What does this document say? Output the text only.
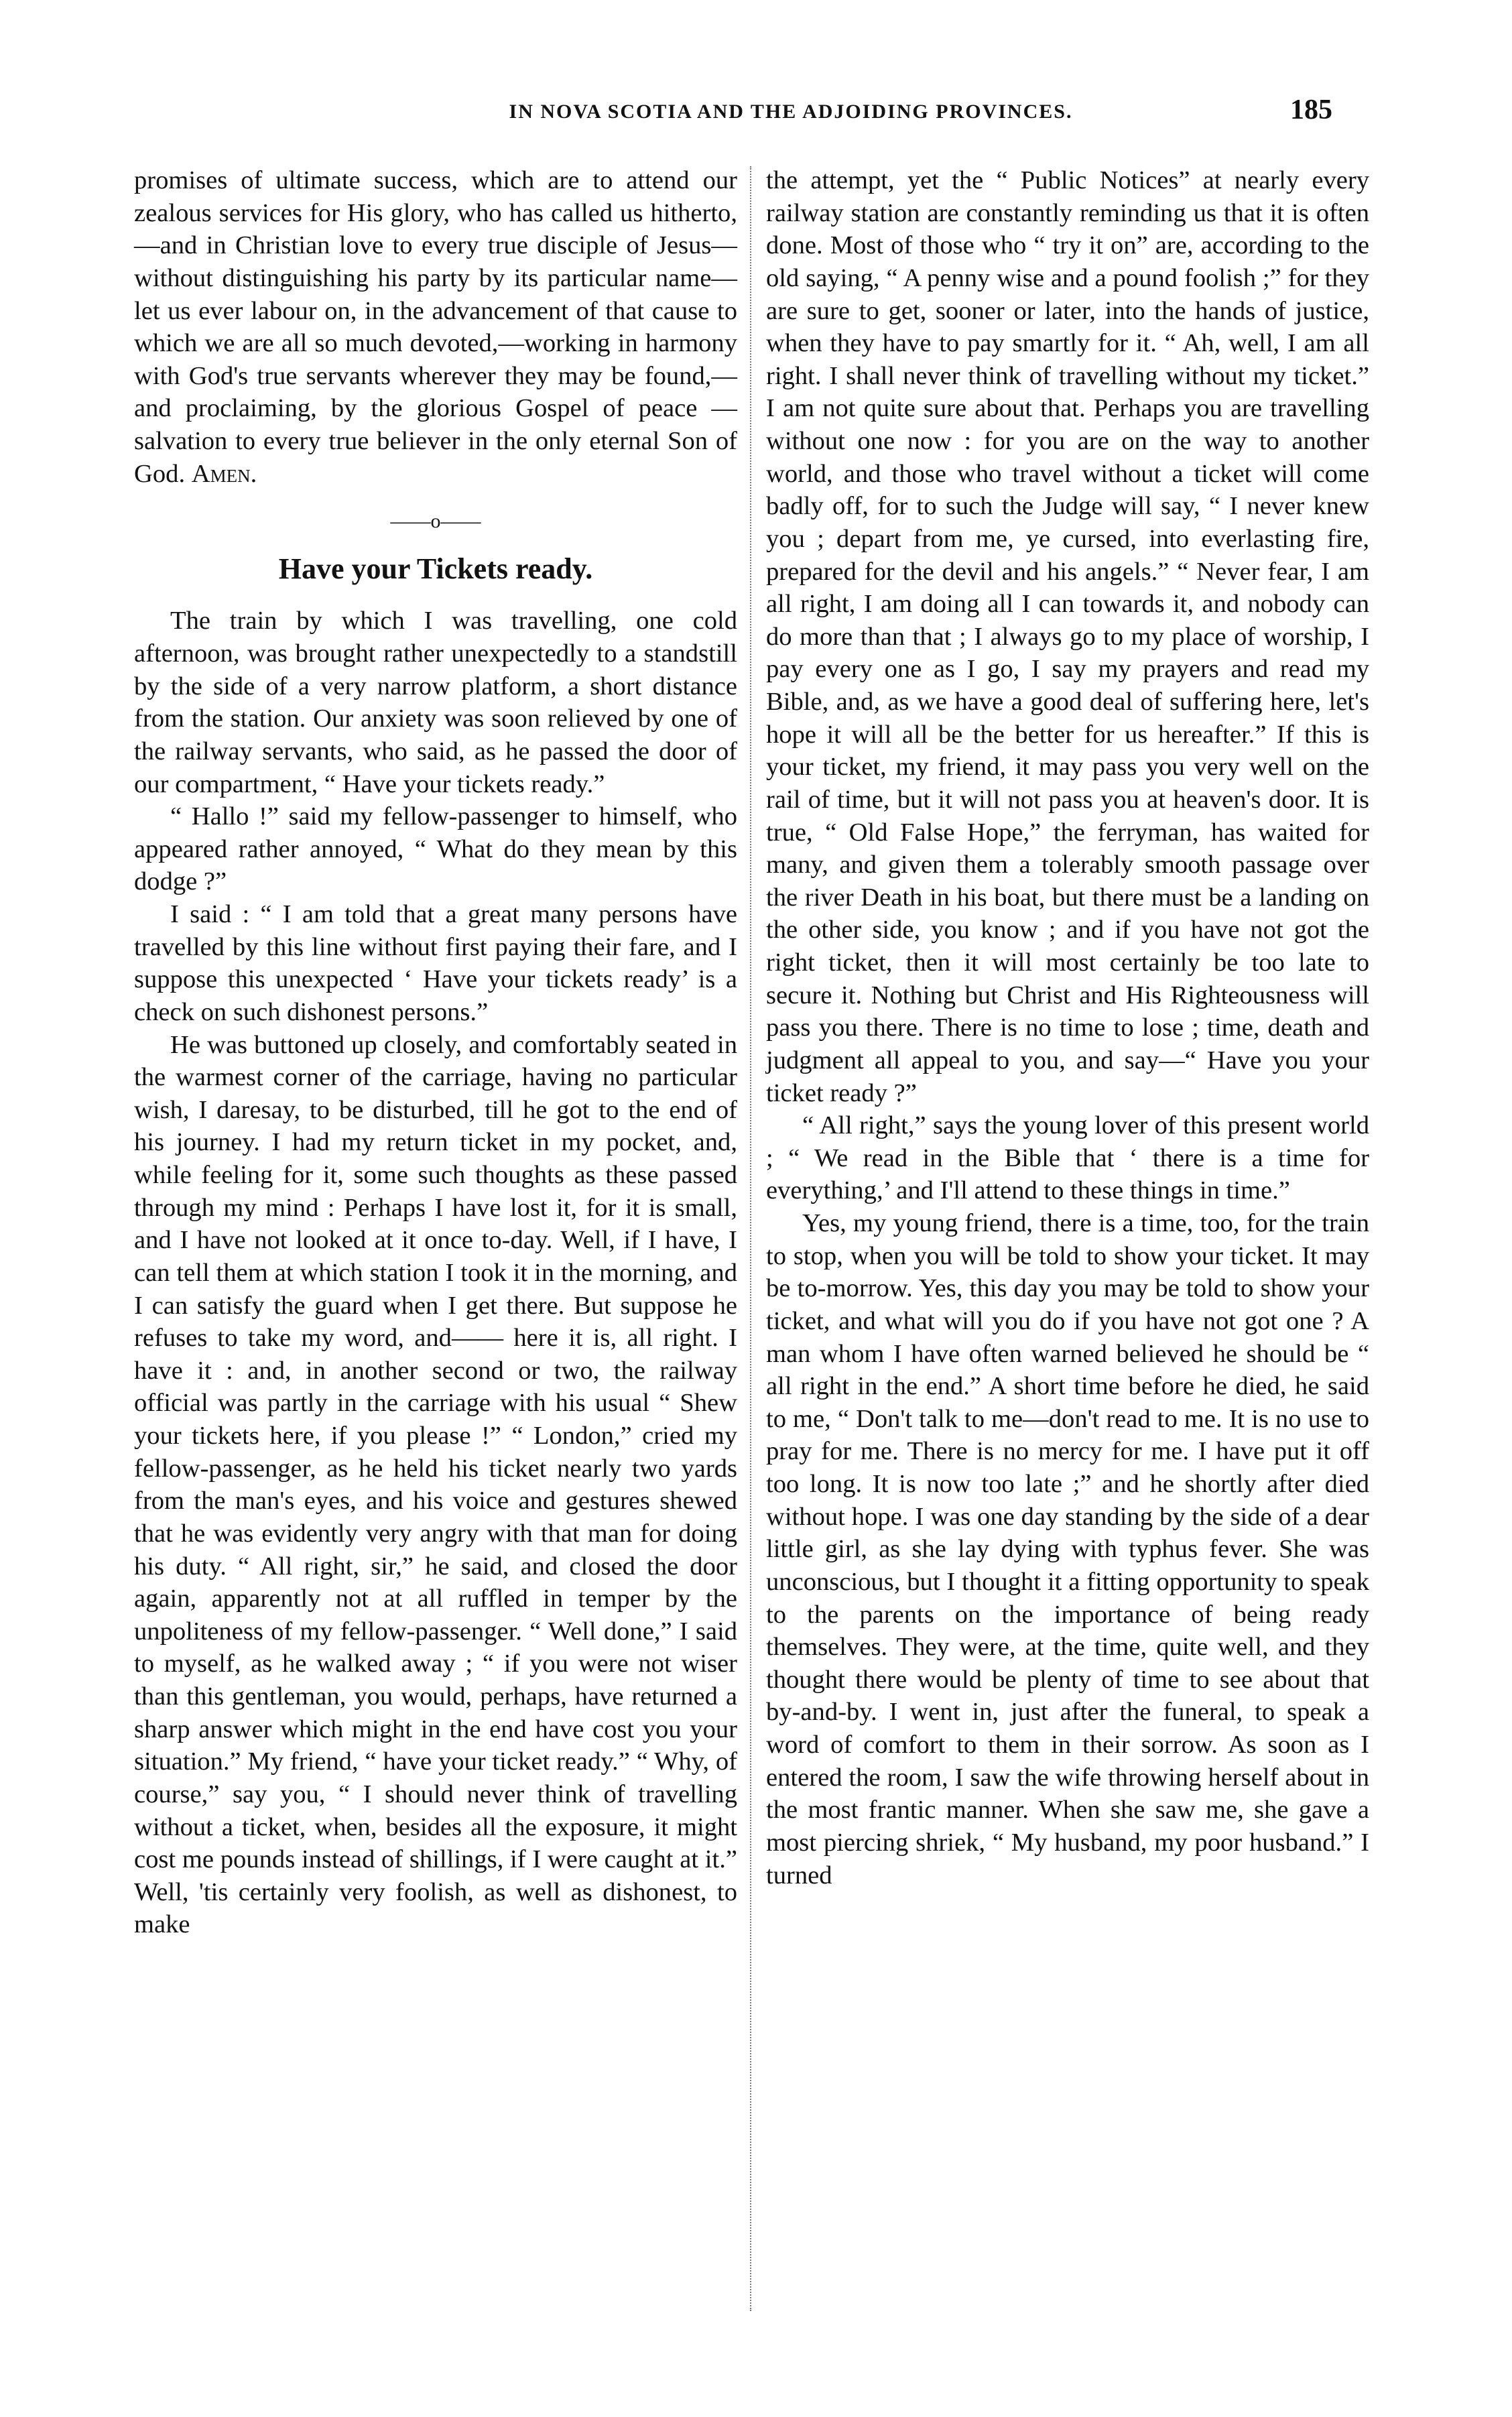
IN NOVA SCOTIA AND THE ADJOIDING PROVINCES.	185

promises of ultimate success, which are to attend our zealous services for His glory, who has called us hitherto,—and in Christian love to every true disciple of Jesus—without distinguishing his party by its particular name—let us ever labour on, in the advancement of that cause to which we are all so much devoted,—working in harmony with God's true servants wherever they may be found,—and proclaiming, by the glorious Gospel of peace —salvation to every true believer in the only eternal Son of God. Amen.

——o——
Have your Tickets ready.

The train by which I was travelling, one cold afternoon, was brought rather unexpectedly to a standstill by the side of a very narrow platform, a short distance from the station. Our anxiety was soon relieved by one of the railway servants, who said, as he passed the door of our compartment, “ Have your tickets ready.”

“ Hallo !” said my fellow-passenger to himself, who appeared rather annoyed, “ What do they mean by this dodge ?”

I said : “ I am told that a great many persons have travelled by this line without first paying their fare, and I suppose this unexpected ‘ Have your tickets ready’ is a check on such dishonest persons.”

He was buttoned up closely, and comfortably seated in the warmest corner of the carriage, having no particular wish, I daresay, to be disturbed, till he got to the end of his journey. I had my return ticket in my pocket, and, while feeling for it, some such thoughts as these passed through my mind : Perhaps I have lost it, for it is small, and I have not looked at it once to-day. Well, if I have, I can tell them at which station I took it in the morning, and I can satisfy the guard when I get there. But suppose he refuses to take my word, and—— here it is, all right. I have it : and, in another second or two, the railway official was partly in the carriage with his usual “ Shew your tickets here, if you please !” “ London,” cried my fellow-passenger, as he held his ticket nearly two yards from the man's eyes, and his voice and gestures shewed that he was evidently very angry with that man for doing his duty. “ All right, sir,” he said, and closed the door again, apparently not at all ruffled in temper by the unpoliteness of my fellow-passenger. “ Well done,” I said to myself, as he walked away ; “ if you were not wiser than this gentleman, you would, perhaps, have returned a sharp answer which might in the end have cost you your situation.” My friend, “ have your ticket ready.” “ Why, of course,” say you, “ I should never think of travelling without a ticket, when, besides all the exposure, it might cost me pounds instead of shillings, if I were caught at it.” Well, 'tis certainly very foolish, as well as dishonest, to make

the attempt, yet the “ Public Notices” at nearly every railway station are constantly reminding us that it is often done. Most of those who “ try it on” are, according to the old saying, “ A penny wise and a pound foolish ;” for they are sure to get, sooner or later, into the hands of justice, when they have to pay smartly for it. “ Ah, well, I am all right. I shall never think of travelling without my ticket.” I am not quite sure about that. Perhaps you are travelling without one now : for you are on the way to another world, and those who travel without a ticket will come badly off, for to such the Judge will say, “ I never knew you ; depart from me, ye cursed, into everlasting fire, prepared for the devil and his angels.” “ Never fear, I am all right, I am doing all I can towards it, and nobody can do more than that ; I always go to my place of worship, I pay every one as I go, I say my prayers and read my Bible, and, as we have a good deal of suffering here, let's hope it will all be the better for us hereafter.” If this is your ticket, my friend, it may pass you very well on the rail of time, but it will not pass you at heaven's door. It is true, “ Old False Hope,” the ferryman, has waited for many, and given them a tolerably smooth passage over the river Death in his boat, but there must be a landing on the other side, you know ; and if you have not got the right ticket, then it will most certainly be too late to secure it. Nothing but Christ and His Righteousness will pass you there. There is no time to lose ; time, death and judgment all appeal to you, and say—“ Have you your ticket ready ?”

“ All right,” says the young lover of this present world ; “ We read in the Bible that ‘ there is a time for everything,’ and I'll attend to these things in time.”

Yes, my young friend, there is a time, too, for the train to stop, when you will be told to show your ticket. It may be to-morrow. Yes, this day you may be told to show your ticket, and what will you do if you have not got one ? A man whom I have often warned believed he should be “ all right in the end.” A short time before he died, he said to me, “ Don't talk to me—don't read to me. It is no use to pray for me. There is no mercy for me. I have put it off too long. It is now too late ;” and he shortly after died without hope. I was one day standing by the side of a dear little girl, as she lay dying with typhus fever. She was unconscious, but I thought it a fitting opportunity to speak to the parents on the importance of being ready themselves. They were, at the time, quite well, and they thought there would be plenty of time to see about that by-and-by. I went in, just after the funeral, to speak a word of comfort to them in their sorrow. As soon as I entered the room, I saw the wife throwing herself about in the most frantic manner. When she saw me, she gave a most piercing shriek, “ My husband, my poor husband.” I turned
